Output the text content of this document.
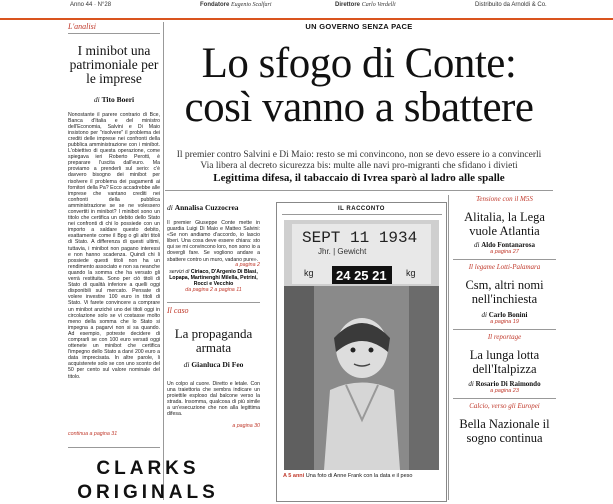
Anno 44 · N°28	Fondatore Eugenio Scalfari	Direttore Carlo Verdelli	Distribuito da Arnoldi & Co.
L'analisi
I minibot una patrimoniale per le imprese
di Tito Boeri
Nonostante il parere contrario di Bce, Banca d'Italia e del ministro dell'Economia, Salvini e Di Maio insistono per "risolvere" il problema dei crediti delle imprese nei confronti della pubblica amministrazione con i minibot. L'obiettivo di questa operazione, come spiegava ieri Roberto Perotti, è preparare l'uscita dall'euro. Ma proviamo a prenderli sul serio: c'è davvero bisogno dei minibot per risolvere il problema dei pagamenti ai fornitori della Pa? Ecco accadrebbe alle imprese che vantano crediti nei confronti della pubblica amministrazione se se ne volessero convertiti in minibot? I minibot sono un titolo che certifica un debito dello Stato nei confronti di chi lo possiede con un importo a saldare questo debito, esattamente come il Bpg o gli altri titoli di Stato. A differenza di questi ultimi, tuttavia, i minibot non pagano interessi e non hanno scadenza. Quindi chi li possiede questi titoli non ha un rendimento associato e non sa neanche quando la somma che ha versato gli verrà restituita. Sono per ciò titoli di Stato di qualità inferiore a quelli oggi disponibili sul mercato. Pensate di volere investire 100 euro in titoli di Stato. Vi farete convincere a comprare un minibot anziché uno dei titoli oggi in circolazione solo se vi costasse molto meno della somma che lo Stato si impegna a pagarvi non si sa quando. Ad esempio, potreste decidere di comprarli se con 100 euro versati oggi ottenete un minibot che certifica l'impegno dello Stato a darvi 200 euro a data imprecisata. In altre parole, li acquisterete solo se con uno sconto del 50 per cento sul valore nominale del titolo.
continua a pagina 31
UN GOVERNO SENZA PACE
Lo sfogo di Conte:
così vanno a sbattere
Il premier contro Salvini e Di Maio: resto se mi convincono, non se devo essere io a convincerli
Via libera al decreto sicurezza bis: multe alle navi pro-migranti che sfidano i divieti
Legittima difesa, il tabaccaio di Ivrea sparò al ladro alle spalle
di Annalisa Cuzzocrea
Il premier Giuseppe Conte mette in guardia Luigi Di Maio e Matteo Salvini: «Se non andiamo d'accordo, io lascio liberi. Una cosa deve essere chiara: sto qui se mi convincono loro, non sono io a dovergli fare. Se vogliono andare a sbattere contro un muro, vadano pure».
a pagina 2
servizi di Ciriaco, D'Argenio Di Blasi, Lopapa, Martinenghi Milella, Petrini, Rocci e Vecchio
da pagina 2 a pagina 11
Il caso
La propaganda armata
di Gianluca Di Feo
Un colpo al cuore. Diretto e letale. Con una traiettoria che sembra indicare un proiettile esploso dal balcone verso la strada. Insomma, qualcosa di più simile a un'esecuzione che non alla legittima difesa.
a pagina 30
IL RACCONTO
SEPT 11 1934
Jhr. | Gewicht
kg	kg
24 25 21
A 5 anni Una foto di Anne Frank con la data e il peso
Tensione con il M5S
Alitalia, la Lega vuole Atlantia
di Aldo Fontanarosa
a pagina 27
Il legame Lotti-Palamara
Csm, altri nomi nell'inchiesta
di Carlo Bonini
a pagina 19
Il reportage
La lunga lotta dell'Italpizza
di Rosario Di Raimondo
a pagina 23
Calcio, verso gli Europei
Bella Nazionale il sogno continua
CLARKS
ORIGINALS
